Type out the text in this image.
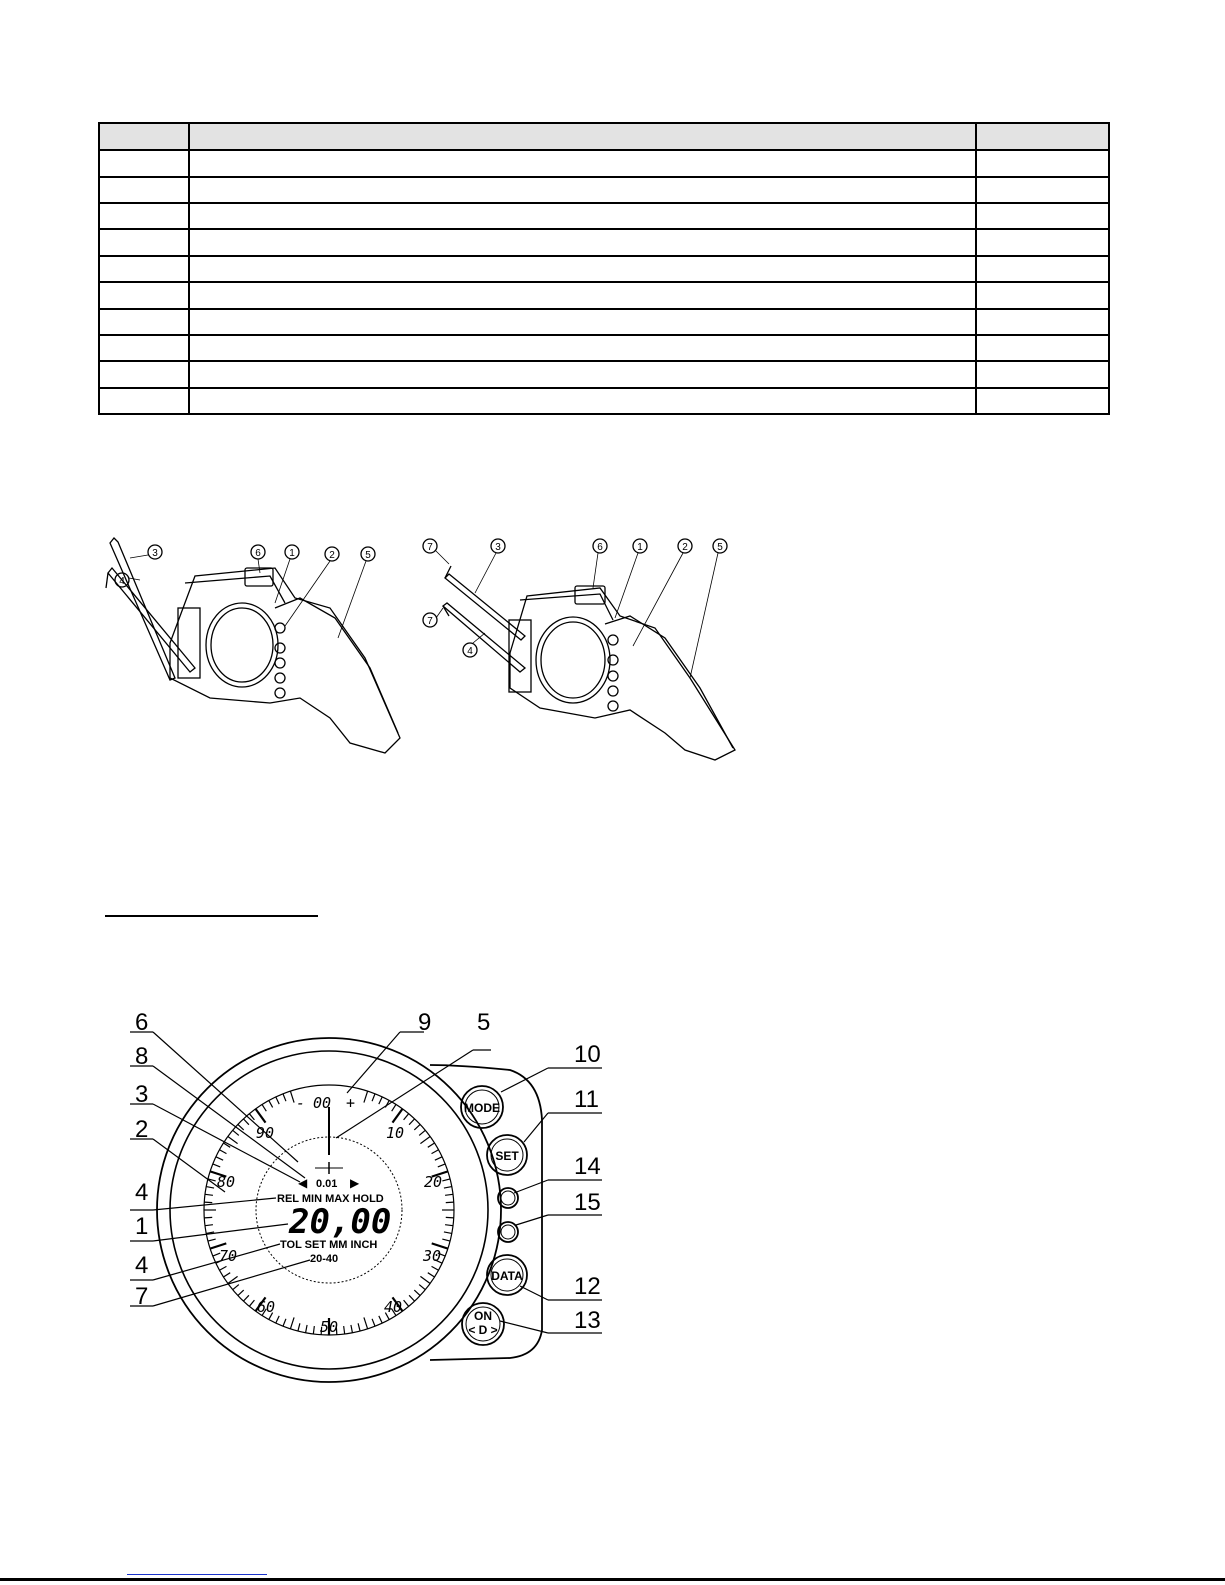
3	6	1	2	5
4
7	3	6	1	2	5
7
4
- 00 +
10
20
30
40
50
60
70
80
90
◀ 0.01 ▶
REL MIN MAX HOLD
20,00
TOL SET MM INCH
20-40
MODE
SET
DATA
ON
< D >
6
8
3
2
4
1
4
7
9 5
10
11
14
15
12
13
